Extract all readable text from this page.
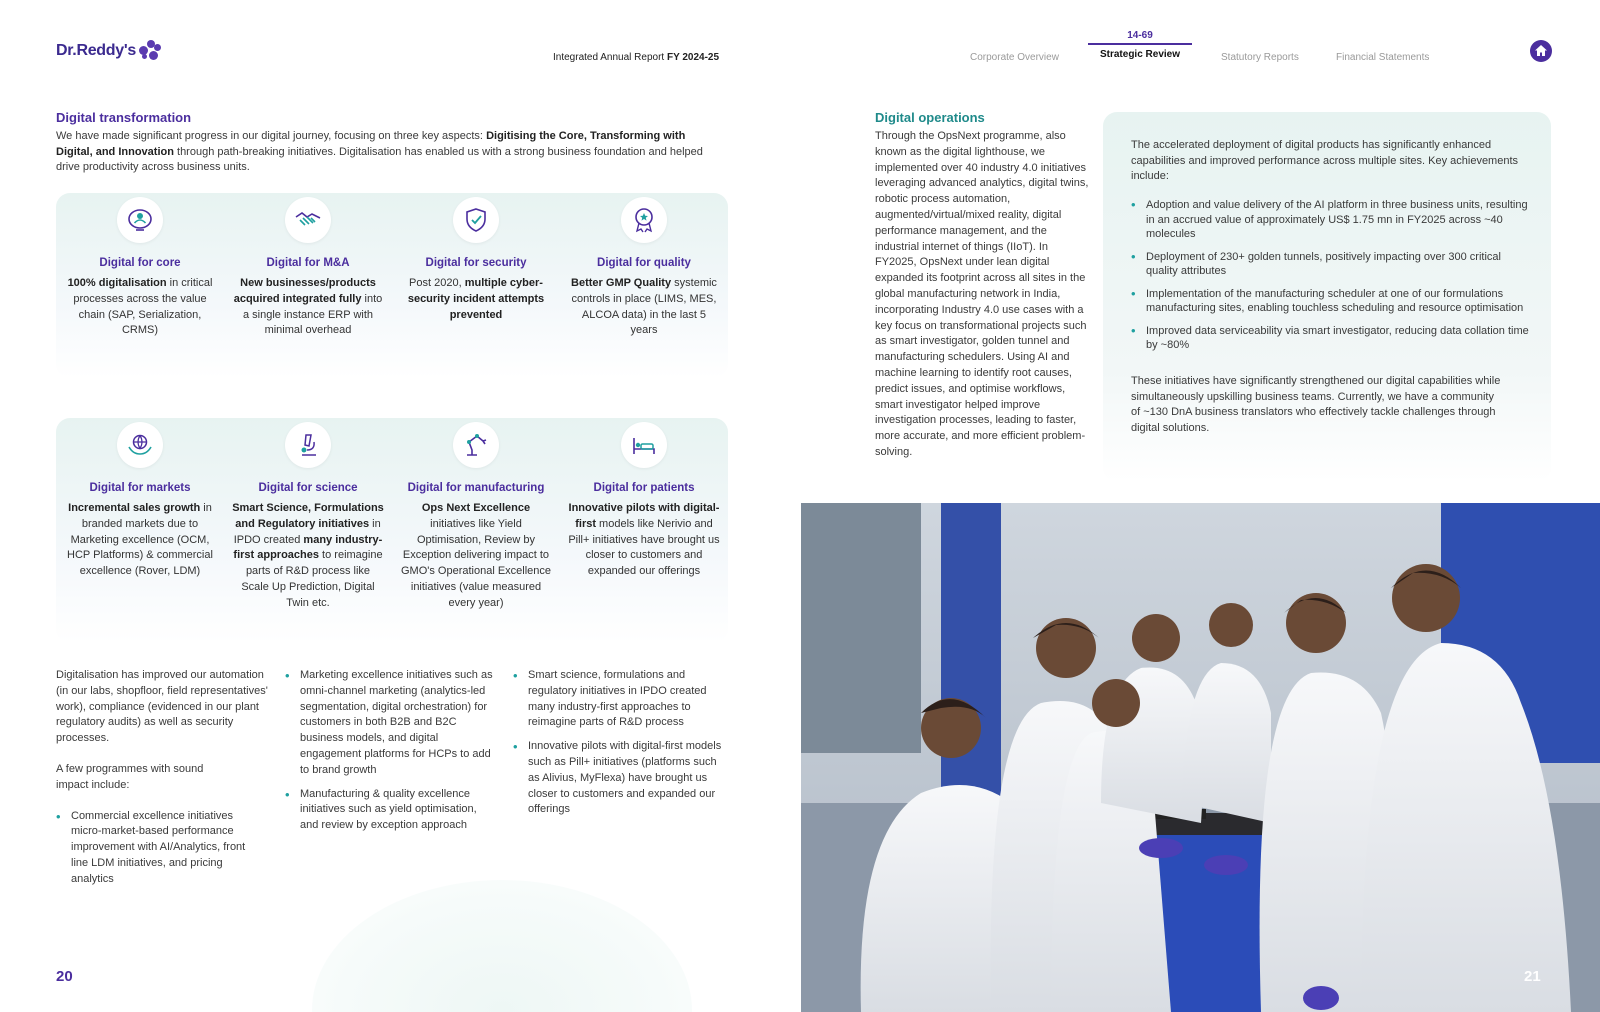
Dr.Reddy's	Integrated Annual Report FY 2024-25	Corporate Overview
14-69
Strategic Review	Statutory Reports	Financial Statements
Digital transformation
We have made significant progress in our digital journey, focusing on three key aspects: Digitising the Core, Transforming with Digital, and Innovation through path-breaking initiatives. Digitalisation has enabled us with a strong business foundation and helped drive productivity across business units.
Digital for core
100% digitalisation in critical processes across the value chain (SAP, Serialization, CRMS)
Digital for M&A
New businesses/products acquired integrated fully into a single instance ERP with minimal overhead
Digital for security
Post 2020, multiple cyber-security incident attempts prevented
Digital for quality
Better GMP Quality systemic controls in place (LIMS, MES, ALCOA data) in the last 5 years
Digital for markets
Incremental sales growth in branded markets due to Marketing excellence (OCM, HCP Platforms) & commercial excellence (Rover, LDM)
Digital for science
Smart Science, Formulations and Regulatory initiatives in IPDO created many industry-first approaches to reimagine parts of R&D process like Scale Up Prediction, Digital Twin etc.
Digital for manufacturing
Ops Next Excellence initiatives like Yield Optimisation, Review by Exception delivering impact to GMO's Operational Excellence initiatives (value measured every year)
Digital for patients
Innovative pilots with digital-first models like Nerivio and Pill+ initiatives have brought us closer to customers and expanded our offerings

Digitalisation has improved our automation (in our labs, shopfloor, field representatives' work), compliance (evidenced in our plant regulatory audits) as well as security processes.

A few programmes with sound impact include:

• Commercial excellence initiatives micro-market-based performance improvement with AI/Analytics, front line LDM initiatives, and pricing analytics
• Marketing excellence initiatives such as omni-channel marketing (analytics-led segmentation, digital orchestration) for customers in both B2B and B2C business models, and digital engagement platforms for HCPs to add to brand growth
• Manufacturing & quality excellence initiatives such as yield optimisation, and review by exception approach
• Smart science, formulations and regulatory initiatives in IPDO created many industry-first approaches to reimagine parts of R&D process
• Innovative pilots with digital-first models such as Pill+ initiatives (platforms such as Alivius, MyFlexa) have brought us closer to customers and expanded our offerings
20
Digital operations
Through the OpsNext programme, also known as the digital lighthouse, we implemented over 40 industry 4.0 initiatives leveraging advanced analytics, digital twins, robotic process automation, augmented/virtual/mixed reality, digital performance management, and the industrial internet of things (IIoT). In FY2025, OpsNext under lean digital expanded its footprint across all sites in the global manufacturing network in India, incorporating Industry 4.0 use cases with a key focus on transformational projects such as smart investigator, golden tunnel and manufacturing schedulers. Using AI and machine learning to identify root causes, predict issues, and optimise workflows, smart investigator helped improve investigation processes, leading to faster, more accurate, and more efficient problem-solving.
The accelerated deployment of digital products has significantly enhanced capabilities and improved performance across multiple sites. Key achievements include:
• Adoption and value delivery of the AI platform in three business units, resulting in an accrued value of approximately US$ 1.75 mn in FY2025 across ~40 molecules
• Deployment of 230+ golden tunnels, positively impacting over 300 critical quality attributes
• Implementation of the manufacturing scheduler at one of our formulations manufacturing sites, enabling touchless scheduling and resource optimisation
• Improved data serviceability via smart investigator, reducing data collation time by ~80%
These initiatives have significantly strengthened our digital capabilities while simultaneously upskilling business teams. Currently, we have a community of ~130 DnA business translators who effectively tackle challenges through digital solutions.
21
